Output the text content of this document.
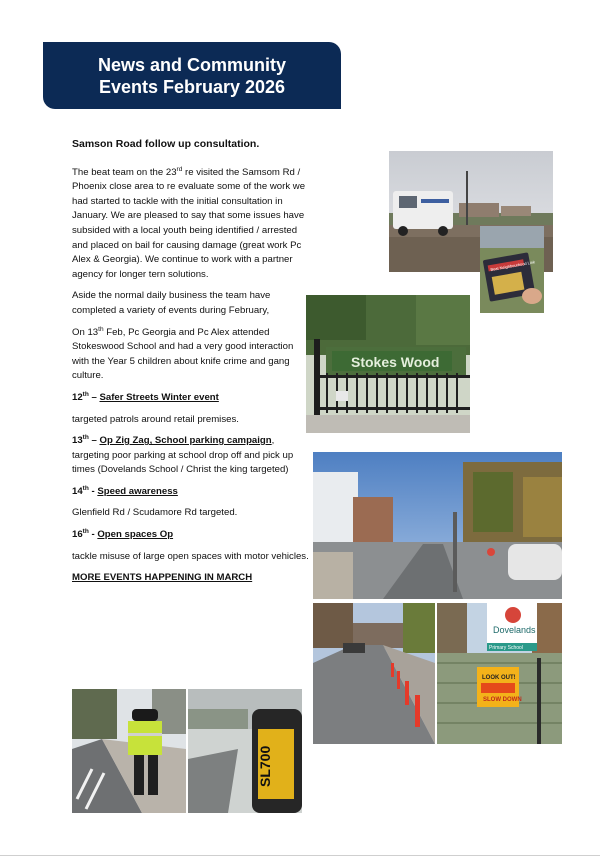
News and Community
Events February 2026

Samson Road follow up consultation.

The beat team on the 23rd re visited the Samsom Rd / Phoenix close area to re evaluate some of the work we had started to tackle with the initial consultation in January. We are pleased to say that some issues have subsided with a local youth being identified / arrested and placed on bail for causing damage (great work Pc Alex & Georgia). We continue to work with a partner agency for longer tern solutions.

Aside the normal daily business the team have completed a variety of events during February,

On 13th Feb, Pc Georgia and Pc Alex attended Stokeswood School and had a very good interaction with the Year 5 children about knife crime and gang culture.

12th – Safer Streets Winter event

targeted patrols around retail premises.

13th – Op Zig Zag, School parking campaign, targeting poor parking at school drop off and pick up times (Dovelands School / Christ the king targeted)

14th - Speed awareness

Glenfield Rd / Scudamore Rd targeted.

16th - Open spaces Op

tackle misuse of large open spaces with motor vehicles.

MORE EVENTS HAPPENING IN MARCH

Beat Neighbourhood Link
Stokes Wood
Dovelands
Primary School
LOOK OUT!
SLOW DOWN
SL700
